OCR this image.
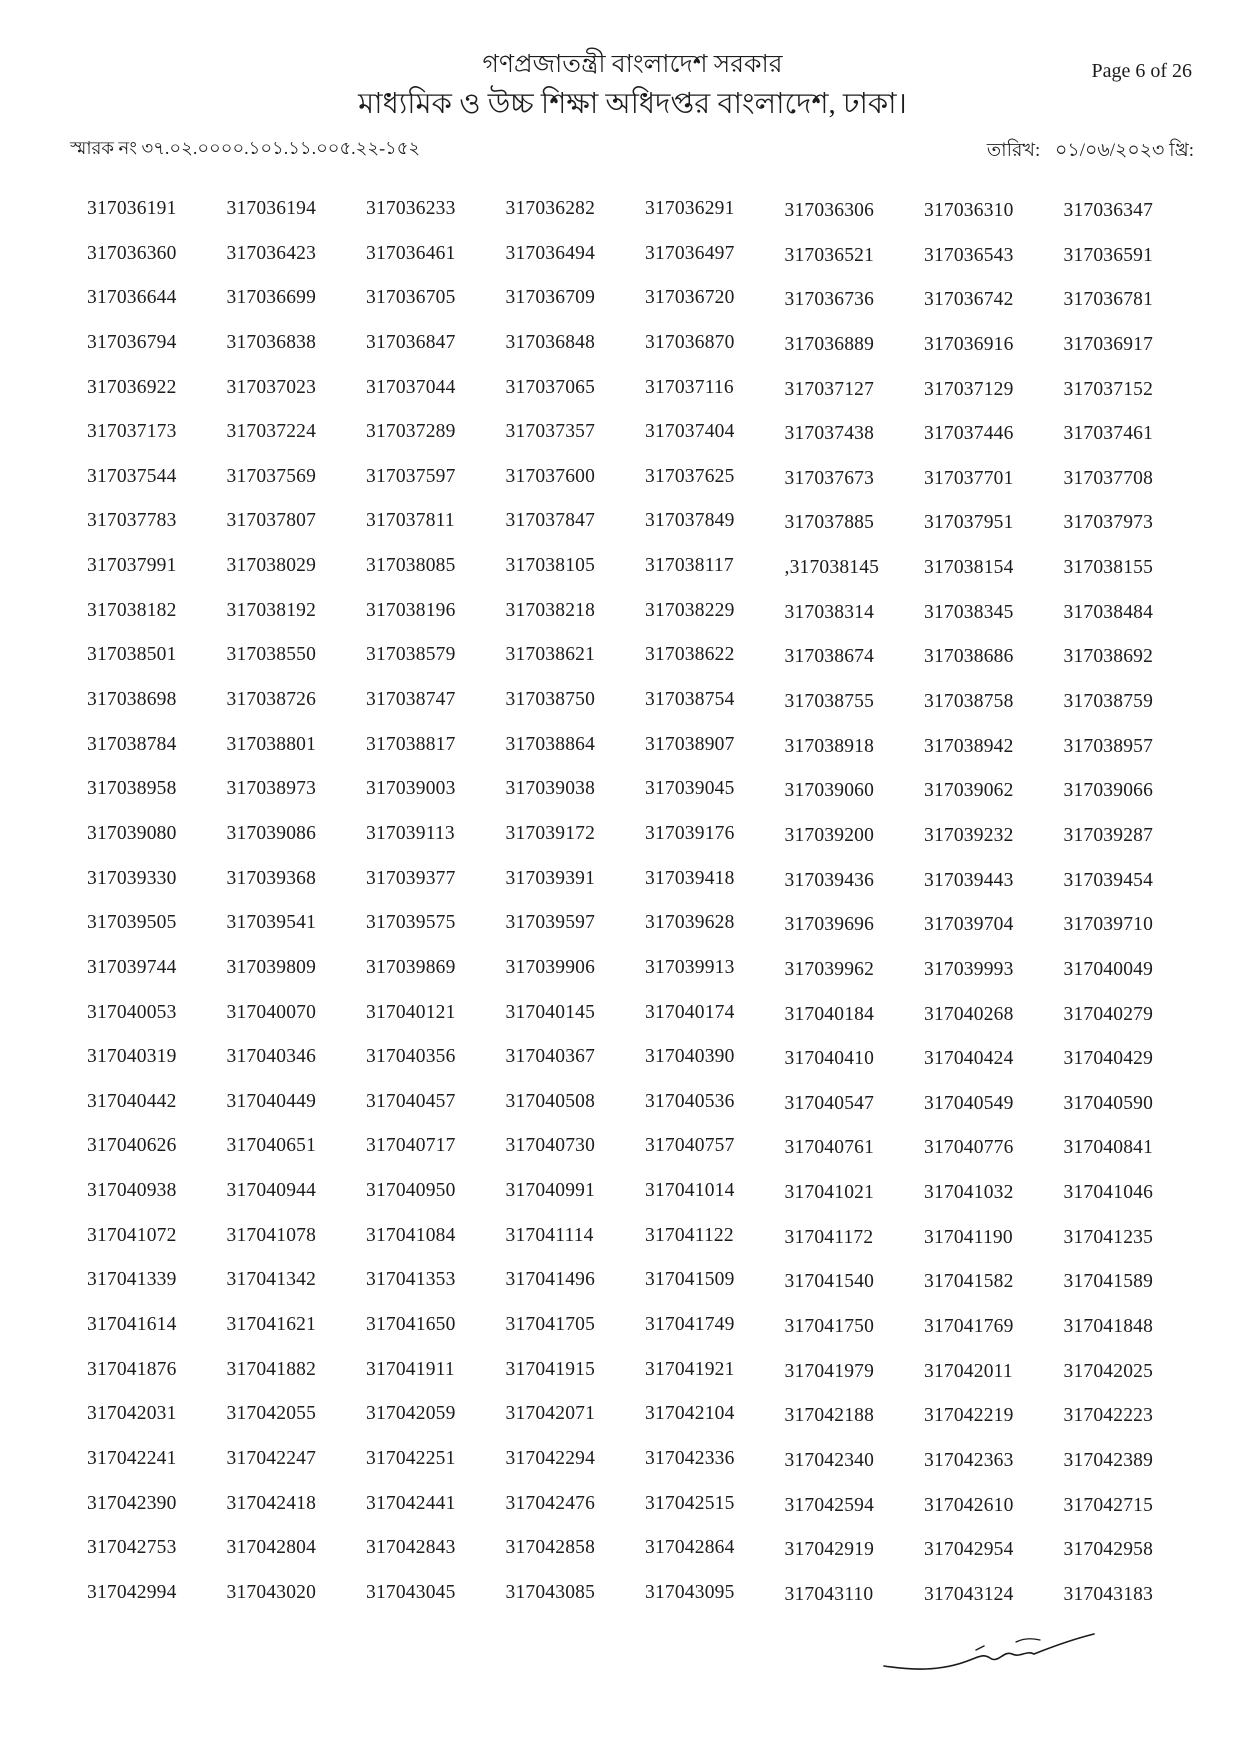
গণপ্রজাতন্ত্রী বাংলাদেশ সরকার
মাধ্যমিক ও উচ্চ শিক্ষা অধিদপ্তর বাংলাদেশ, ঢাকা।
Page 6 of 26
স্মারক নং ৩৭.০২.০০০০.১০১.১১.০০৫.২২-১৫২	তারিখ: ০১/০৬/২০২৩ খ্রি:
317036191	317036194	317036233	317036282	317036291	317036306	317036310	317036347
317036360	317036423	317036461	317036494	317036497	317036521	317036543	317036591
317036644	317036699	317036705	317036709	317036720	317036736	317036742	317036781
317036794	317036838	317036847	317036848	317036870	317036889	317036916	317036917
317036922	317037023	317037044	317037065	317037116	317037127	317037129	317037152
317037173	317037224	317037289	317037357	317037404	317037438	317037446	317037461
317037544	317037569	317037597	317037600	317037625	317037673	317037701	317037708
317037783	317037807	317037811	317037847	317037849	317037885	317037951	317037973
317037991	317038029	317038085	317038105	317038117	,317038145	317038154	317038155
317038182	317038192	317038196	317038218	317038229	317038314	317038345	317038484
317038501	317038550	317038579	317038621	317038622	317038674	317038686	317038692
317038698	317038726	317038747	317038750	317038754	317038755	317038758	317038759
317038784	317038801	317038817	317038864	317038907	317038918	317038942	317038957
317038958	317038973	317039003	317039038	317039045	317039060	317039062	317039066
317039080	317039086	317039113	317039172	317039176	317039200	317039232	317039287
317039330	317039368	317039377	317039391	317039418	317039436	317039443	317039454
317039505	317039541	317039575	317039597	317039628	317039696	317039704	317039710
317039744	317039809	317039869	317039906	317039913	317039962	317039993	317040049
317040053	317040070	317040121	317040145	317040174	317040184	317040268	317040279
317040319	317040346	317040356	317040367	317040390	317040410	317040424	317040429
317040442	317040449	317040457	317040508	317040536	317040547	317040549	317040590
317040626	317040651	317040717	317040730	317040757	317040761	317040776	317040841
317040938	317040944	317040950	317040991	317041014	317041021	317041032	317041046
317041072	317041078	317041084	317041114	317041122	317041172	317041190	317041235
317041339	317041342	317041353	317041496	317041509	317041540	317041582	317041589
317041614	317041621	317041650	317041705	317041749	317041750	317041769	317041848
317041876	317041882	317041911	317041915	317041921	317041979	317042011	317042025
317042031	317042055	317042059	317042071	317042104	317042188	317042219	317042223
317042241	317042247	317042251	317042294	317042336	317042340	317042363	317042389
317042390	317042418	317042441	317042476	317042515	317042594	317042610	317042715
317042753	317042804	317042843	317042858	317042864	317042919	317042954	317042958
317042994	317043020	317043045	317043085	317043095	317043110	317043124	317043183
